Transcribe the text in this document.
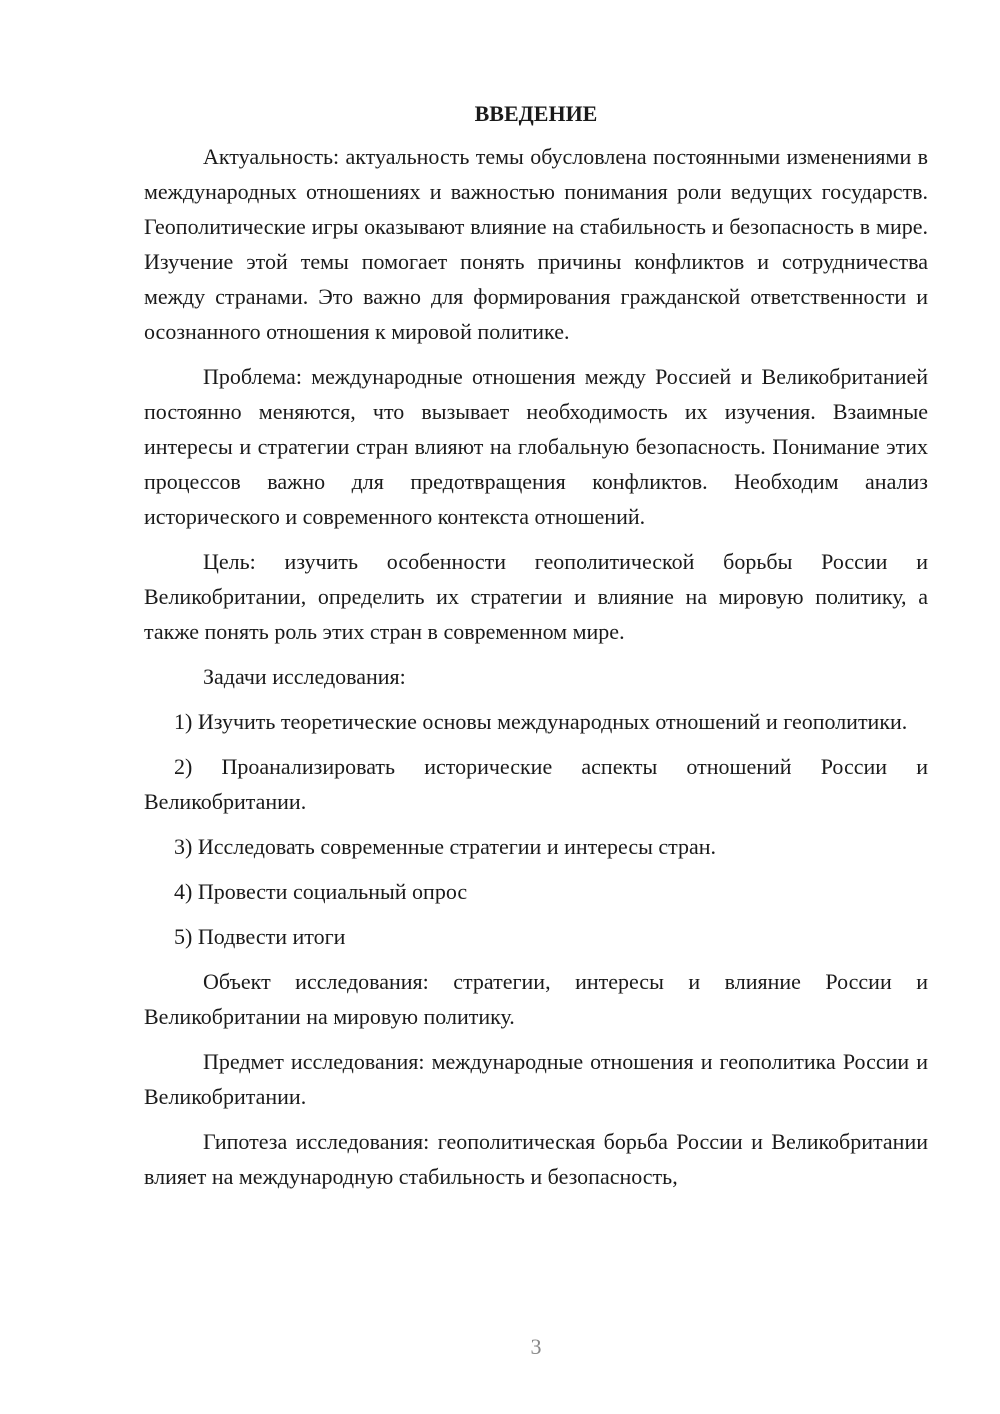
ВВЕДЕНИЕ

Актуальность: актуальность темы обусловлена постоянными изменениями в международных отношениях и важностью понимания роли ведущих государств. Геополитические игры оказывают влияние на стабильность и безопасность в мире. Изучение этой темы помогает понять причины конфликтов и сотрудничества между странами. Это важно для формирования гражданской ответственности и осознанного отношения к мировой политике.

Проблема: международные отношения между Россией и Великобританией постоянно меняются, что вызывает необходимость их изучения. Взаимные интересы и стратегии стран влияют на глобальную безопасность. Понимание этих процессов важно для предотвращения конфликтов. Необходим анализ исторического и современного контекста отношений.

Цель: изучить особенности геополитической борьбы России и Великобритании, определить их стратегии и влияние на мировую политику, а также понять роль этих стран в современном мире.

Задачи исследования:

1) Изучить теоретические основы международных отношений и геополитики.

2) Проанализировать исторические аспекты отношений России и Великобритании.

3) Исследовать современные стратегии и интересы стран.

4) Провести социальный опрос

5) Подвести итоги

Объект исследования: стратегии, интересы и влияние России и Великобритании на мировую политику.

Предмет исследования: международные отношения и геополитика России и Великобритании.

Гипотеза исследования: геополитическая борьба России и Великобритании влияет на международную стабильность и безопасность,

3
